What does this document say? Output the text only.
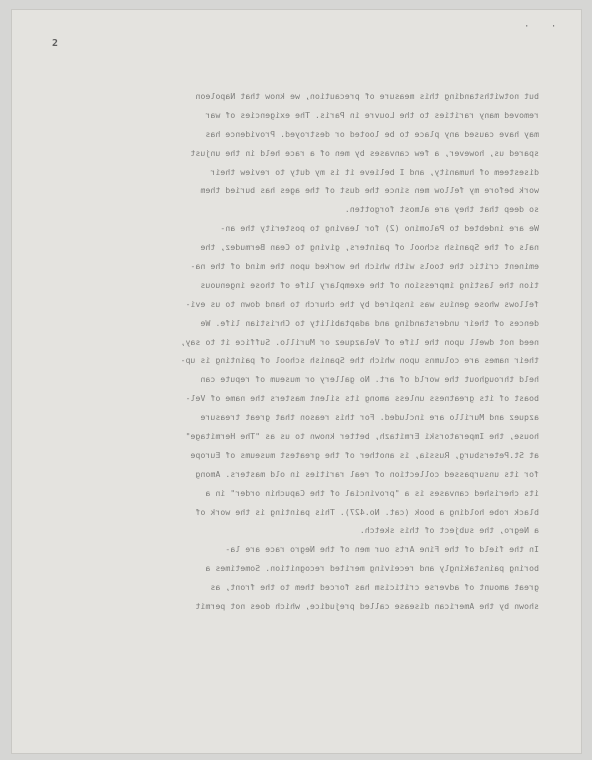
· ·
2
but notwithstanding this measure of precaution, we know that Napoleon
removed many rarities to the Louvre in Paris. The exigencies of war
may have caused any place to be looted or destroyed. Providence has
spared us, however, a few canvases by men of a race held in the unjust
disesteem of humanity, and I believe it is my duty to review their
work before my fellow men since the dust of the ages has buried them
so deep that they are almost forgotten.
We are indebted to Palomino (2) for leaving to posterity the an-
nals of the Spanish school of painters, giving to Cean Bermudez, the
eminent critic the tools with which he worked upon the mind of the na-
tion the lasting impression of the exemplary life of those ingenuous
fellows whose genius was inspired by the church to hand down to us evi-
dences of their understanding and adaptability to Christian life. We
need not dwell upon the life of Velazquez or Murillo. Suffice it to say,
their names are columns upon which the Spanish school of painting is up-
held throughout the world of art. No gallery or museum of repute can
boast of its greatness unless among its silent masters the name of Vel-
azquez and Murillo are included. For this reason that great treasure
house, the Imperatorski Ermitazh, better known to us as "The Hermitage"
at St.Petersburg, Russia, is another of the greatest museums of Europe
for its unsurpassed collection of real rarities in old masters. Among
its cherished canvases is a "provincial of the Capuchin order" in a
black robe holding a book (cat. No.427). This painting is the work of
a Negro, the subject of this sketch.
In the field of the Fine Arts our men of the Negro race are la-
boring painstakingly and receiving merited recognition. Sometimes a
great amount of adverse criticism has forced them to the front, as
shown by the American disease called prejudice, which does not permit
